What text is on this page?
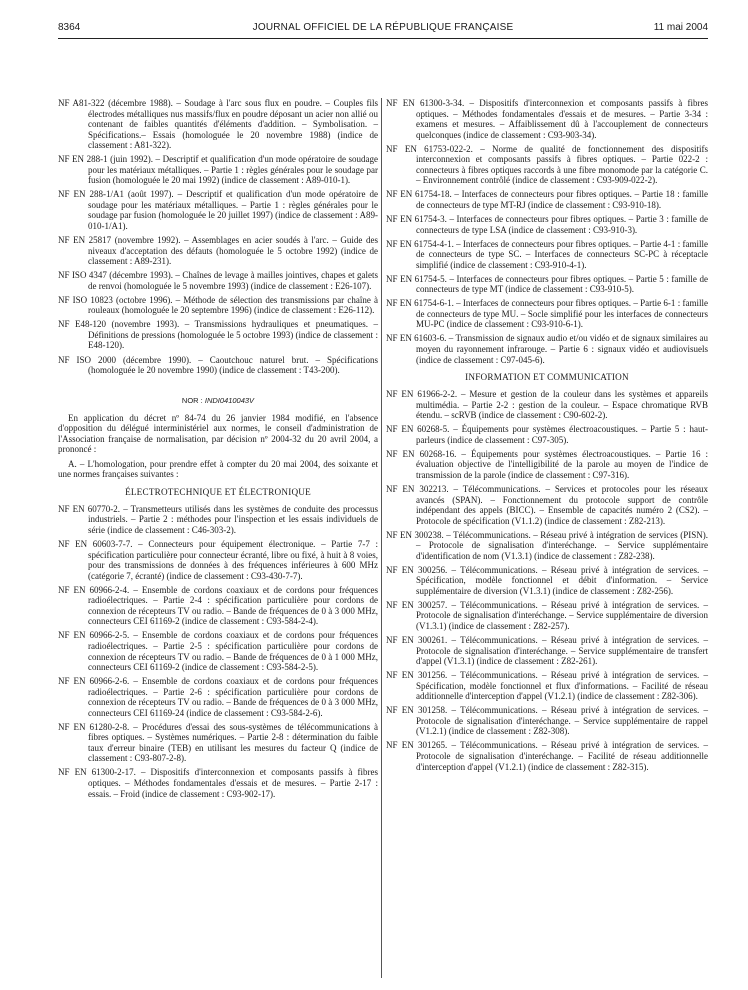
8364	JOURNAL OFFICIEL DE LA RÉPUBLIQUE FRANÇAISE	11 mai 2004

NF A81-322 (décembre 1988). – Soudage à l'arc sous flux en poudre. – Couples fils électrodes métalliques nus massifs/flux en poudre déposant un acier non allié ou contenant de faibles quantités d'éléments d'addition. – Symbolisation. – Spécifications.– Essais (homologuée le 20 novembre 1988) (indice de classement : A81-322).

NF EN 288-1 (juin 1992). – Descriptif et qualification d'un mode opératoire de soudage pour les matériaux métalliques. – Partie 1 : règles générales pour le soudage par fusion (homologuée le 20 mai 1992) (indice de classement : A89-010-1).

NF EN 288-1/A1 (août 1997). – Descriptif et qualification d'un mode opératoire de soudage pour les matériaux métalliques. – Partie 1 : règles générales pour le soudage par fusion (homologuée le 20 juillet 1997) (indice de classement : A89-010-1/A1).

NF EN 25817 (novembre 1992). – Assemblages en acier soudés à l'arc. – Guide des niveaux d'acceptation des défauts (homologuée le 5 octobre 1992) (indice de classement : A89-231).

NF ISO 4347 (décembre 1993). – Chaînes de levage à mailles jointives, chapes et galets de renvoi (homologuée le 5 novembre 1993) (indice de classement : E26-107).

NF ISO 10823 (octobre 1996). – Méthode de sélection des transmissions par chaîne à rouleaux (homologuée le 20 septembre 1996) (indice de classement : E26-112).

NF E48-120 (novembre 1993). – Transmissions hydrauliques et pneumatiques. – Définitions de pressions (homologuée le 5 octobre 1993) (indice de classement : E48-120).

NF ISO 2000 (décembre 1990). – Caoutchouc naturel brut. – Spécifications (homologuée le 20 novembre 1990) (indice de classement : T43-200).

NOR : INDI0410043V

En application du décret nº 84-74 du 26 janvier 1984 modifié, en l'absence d'opposition du délégué interministériel aux normes, le conseil d'administration de l'Association française de normalisation, par décision nº 2004-32 du 20 avril 2004, a prononcé :

A. – L'homologation, pour prendre effet à compter du 20 mai 2004, des soixante et une normes françaises suivantes :

ÉLECTROTECHNIQUE ET ÉLECTRONIQUE

NF EN 60770-2. – Transmetteurs utilisés dans les systèmes de conduite des processus industriels. – Partie 2 : méthodes pour l'inspection et les essais individuels de série (indice de classement : C46-303-2).

NF EN 60603-7-7. – Connecteurs pour équipement électronique. – Partie 7-7 : spécification particulière pour connecteur écranté, libre ou fixé, à huit à 8 voies, pour des transmissions de données à des fréquences inférieures à 600 MHz (catégorie 7, écranté) (indice de classement : C93-430-7-7).

NF EN 60966-2-4. – Ensemble de cordons coaxiaux et de cordons pour fréquences radioélectriques. – Partie 2-4 : spécification particulière pour cordons de connexion de récepteurs TV ou radio. – Bande de fréquences de 0 à 3 000 MHz, connecteurs CEI 61169-2 (indice de classement : C93-584-2-4).

NF EN 60966-2-5. – Ensemble de cordons coaxiaux et de cordons pour fréquences radioélectriques. – Partie 2-5 : spécification particulière pour cordons de connexion de récepteurs TV ou radio. – Bande de fréquences de 0 à 1 000 MHz, connecteurs CEI 61169-2 (indice de classement : C93-584-2-5).

NF EN 60966-2-6. – Ensemble de cordons coaxiaux et de cordons pour fréquences radioélectriques. – Partie 2-6 : spécification particulière pour cordons de connexion de récepteurs TV ou radio. – Bande de fréquences de 0 à 3 000 MHz, connecteurs CEI 61169-24 (indice de classement : C93-584-2-6).

NF EN 61280-2-8. – Procédures d'essai des sous-systèmes de télécommunications à fibres optiques. – Systèmes numériques. – Partie 2-8 : détermination du faible taux d'erreur binaire (TEB) en utilisant les mesures du facteur Q (indice de classement : C93-807-2-8).

NF EN 61300-2-17. – Dispositifs d'interconnexion et composants passifs à fibres optiques. – Méthodes fondamentales d'essais et de mesures. – Partie 2-17 : essais. – Froid (indice de classement : C93-902-17).

NF EN 61300-3-34. – Dispositifs d'interconnexion et composants passifs à fibres optiques. – Méthodes fondamentales d'essais et de mesures. – Partie 3-34 : examens et mesures. – Affaiblissement dû à l'accouplement de connecteurs quelconques (indice de classement : C93-903-34).

NF EN 61753-022-2. – Norme de qualité de fonctionnement des dispositifs interconnexion et composants passifs à fibres optiques. – Partie 022-2 : connecteurs à fibres optiques raccords à une fibre monomode par la catégorie C. – Environnement contrôlé (indice de classement : C93-909-022-2).

NF EN 61754-18. – Interfaces de connecteurs pour fibres optiques. – Partie 18 : famille de connecteurs de type MT-RJ (indice de classement : C93-910-18).

NF EN 61754-3. – Interfaces de connecteurs pour fibres optiques. – Partie 3 : famille de connecteurs de type LSA (indice de classement : C93-910-3).

NF EN 61754-4-1. – Interfaces de connecteurs pour fibres optiques. – Partie 4-1 : famille de connecteurs de type SC. – Interfaces de connecteurs SC-PC à réceptacle simplifié (indice de classement : C93-910-4-1).

NF EN 61754-5. – Interfaces de connecteurs pour fibres optiques. – Partie 5 : famille de connecteurs de type MT (indice de classement : C93-910-5).

NF EN 61754-6-1. – Interfaces de connecteurs pour fibres optiques. – Partie 6-1 : famille de connecteurs de type MU. – Socle simplifié pour les interfaces de connecteurs MU-PC (indice de classement : C93-910-6-1).

NF EN 61603-6. – Transmission de signaux audio et/ou vidéo et de signaux similaires au moyen du rayonnement infrarouge. – Partie 6 : signaux vidéo et audiovisuels (indice de classement : C97-045-6).

INFORMATION ET COMMUNICATION

NF EN 61966-2-2. – Mesure et gestion de la couleur dans les systèmes et appareils multimédia. – Partie 2-2 : gestion de la couleur. – Espace chromatique RVB étendu. – scRVB (indice de classement : C90-602-2).

NF EN 60268-5. – Équipements pour systèmes électroacoustiques. – Partie 5 : haut-parleurs (indice de classement : C97-305).

NF EN 60268-16. – Équipements pour systèmes électroacoustiques. – Partie 16 : évaluation objective de l'intelligibilité de la parole au moyen de l'indice de transmission de la parole (indice de classement : C97-316).

NF EN 302213. – Télécommunications. – Services et protocoles pour les réseaux avancés (SPAN). – Fonctionnement du protocole support de contrôle indépendant des appels (BICC). – Ensemble de capacités numéro 2 (CS2). – Protocole de spécification (V1.1.2) (indice de classement : Z82-213).

NF EN 300238. – Télécommunications. – Réseau privé à intégration de services (PISN). – Protocole de signalisation d'interéchange. – Service supplémentaire d'identification de nom (V1.3.1) (indice de classement : Z82-238).

NF EN 300256. – Télécommunications. – Réseau privé à intégration de services. – Spécification, modèle fonctionnel et débit d'information. – Service supplémentaire de diversion (V1.3.1) (indice de classement : Z82-256).

NF EN 300257. – Télécommunications. – Réseau privé à intégration de services. – Protocole de signalisation d'interéchange. – Service supplémentaire de diversion (V1.3.1) (indice de classement : Z82-257).

NF EN 300261. – Télécommunications. – Réseau privé à intégration de services. – Protocole de signalisation d'interéchange. – Service supplémentaire de transfert d'appel (V1.3.1) (indice de classement : Z82-261).

NF EN 301256. – Télécommunications. – Réseau privé à intégration de services. – Spécification, modèle fonctionnel et flux d'informations. – Facilité de réseau additionnelle d'interception d'appel (V1.2.1) (indice de classement : Z82-306).

NF EN 301258. – Télécommunications. – Réseau privé à intégration de services. – Protocole de signalisation d'interéchange. – Service supplémentaire de rappel (V1.2.1) (indice de classement : Z82-308).

NF EN 301265. – Télécommunications. – Réseau privé à intégration de services. – Protocole de signalisation d'interéchange. – Facilité de réseau additionnelle d'interception d'appel (V1.2.1) (indice de classement : Z82-315).
